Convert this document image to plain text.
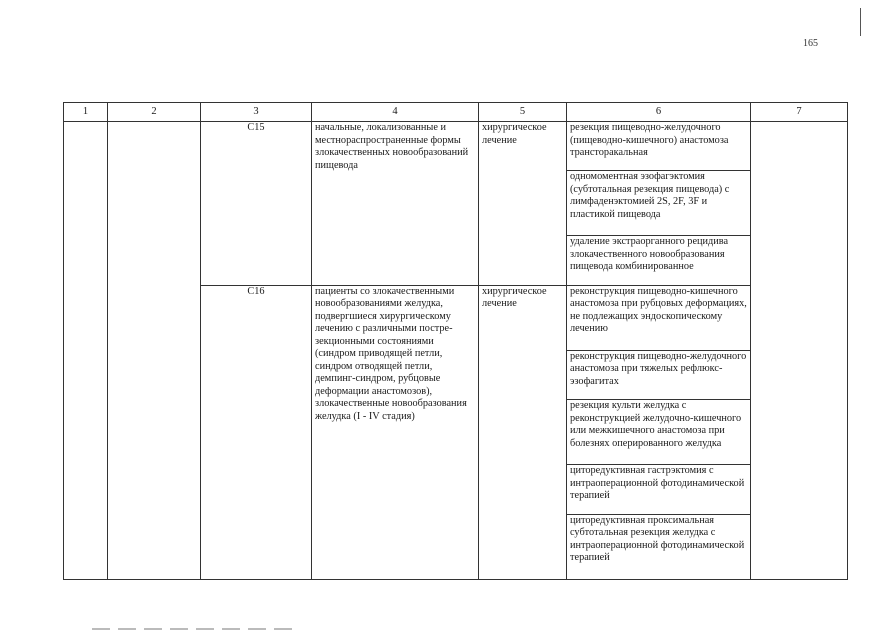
165
1	2	3	4	5	6	7
		C15	начальные, локализованные и местнораспространенные формы злокачественных новообразований пищевода	хирургическое лечение	резекция пищеводно-желудочного (пищеводно-кишечного) анастомоза трансторакальная	
					одномоментная эзофагэктомия (субтотальная резекция пищевода) с лимфаденэктомией 2S, 2F, 3F и пластикой пищевода	
					удаление экстраорганного рецидива злокачественного новообразования пищевода комбинированное	
		C16	пациенты со злокачественными новообразованиями желудка, подвергшиеся хирургическому лечению с различными пострезекционными состояниями (синдром приводящей петли, синдром отводящей петли, демпинг-синдром, рубцовые деформации анастомозов), злокачественные новообразования желудка (I - IV стадия)	хирургическое лечение	реконструкция пищеводно-кишечного анастомоза при рубцовых деформациях, не подлежащих эндоскопическому лечению	
					реконструкция пищеводно-желудочного анастомоза при тяжелых рефлюкс-эзофагитах	
					резекция культи желудка с реконструкцией желудочно-кишечного или межкишечного анастомоза при болезнях оперированного желудка	
					циторедуктивная гастрэктомия с интраоперационной фотодинамической терапией	
					циторедуктивная проксимальная субтотальная резекция желудка с интраоперационной фотодинамической терапией	
